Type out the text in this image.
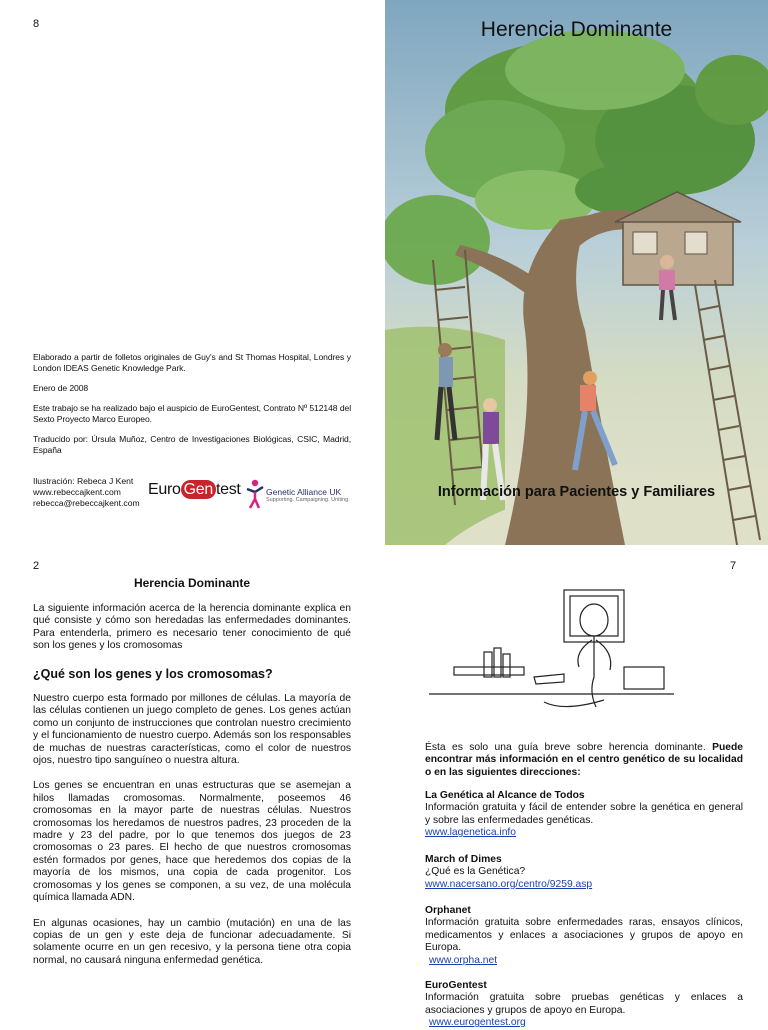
8

Elaborado a partir de folletos originales de Guy's and St Thomas Hospital, Londres y London IDEAS Genetic Knowledge Park.

Enero de 2008

Este trabajo se ha realizado bajo el auspicio de EuroGentest, Contrato Nº 512148 del Sexto Proyecto Marco Europeo.

Traducido por: Úrsula Muñoz, Centro de Investigaciones Biológicas, CSIC, Madrid, España

Ilustración: Rebeca J Kent
www.rebeccajkent.com
rebecca@rebeccajkent.com
Euro Gen test	Genetic Alliance UK
Supporting. Campaigning. Uniting.
Herencia Dominante
Información para Pacientes y Familiares
2
Herencia Dominante
La siguiente información acerca de la herencia dominante explica en qué consiste y cómo son heredadas las enfermedades dominantes. Para entenderla, primero es necesario tener conocimiento de qué son los genes y los cromosomas
¿Qué son los genes y los cromosomas?

Nuestro cuerpo esta formado por millones de células. La mayoría de las células contienen un juego completo de genes. Los genes actúan como un conjunto de instrucciones que controlan nuestro crecimiento y el funcionamiento de nuestro cuerpo. Además son los responsables de muchas de nuestras características, como el color de nuestros ojos, nuestro tipo sanguíneo o nuestra altura.

Los genes se encuentran en unas estructuras que se asemejan a hilos llamadas cromosomas. Normalmente, poseemos 46 cromosomas en la mayor parte de nuestras células. Nuestros cromosomas los heredamos de nuestros padres, 23 proceden de la madre y 23 del padre, por lo que tenemos dos juegos de 23 cromosomas o 23 pares. El hecho de que nuestros cromosomas estén formados por genes, hace que heredemos dos copias de la mayoría de los mismos, una copia de cada progenitor. Los cromosomas y los genes se componen, a su vez, de una molécula química llamada ADN.

En algunas ocasiones, hay un cambio (mutación) en una de las copias de un gen y este deja de funcionar adecuadamente. Si solamente ocurre en un gen recesivo, y la persona tiene otra copia normal, no causará ninguna enfermedad genética.

7

Ésta es solo una guía breve sobre herencia dominante. Puede encontrar más información en el centro genético de su localidad o en las siguientes direcciones:

La Genética al Alcance de Todos
Información gratuita y fácil de entender sobre la genética en general y sobre las enfermedades genéticas.
www.lagenetica.info
March of Dimes
¿Qué es la Genética?
www.nacersano.org/centro/9259.asp
Orphanet
Información gratuita sobre enfermedades raras, ensayos clínicos, medicamentos y enlaces a asociaciones y grupos de apoyo en Europa.
www.orpha.net
EuroGentest
Información gratuita sobre pruebas genéticas y enlaces a asociaciones y grupos de apoyo en Europa.
www.eurogentest.org
